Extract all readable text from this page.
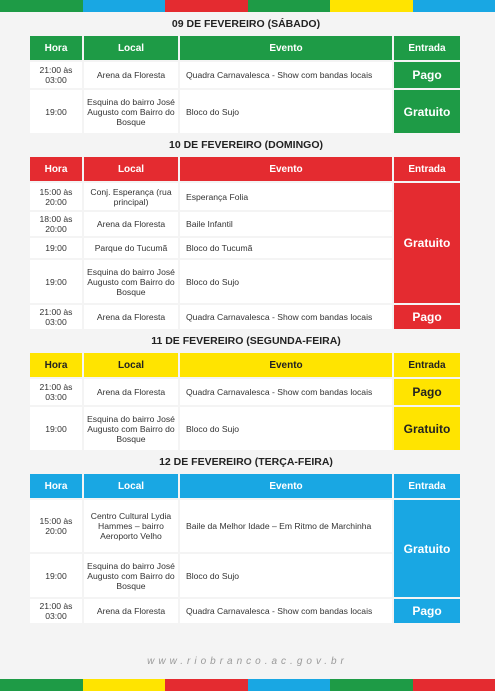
09 DE FEVEREIRO (SÁBADO)
Hora	Local	Evento	Entrada
21:00 às 03:00	Arena da Floresta	Quadra Carnavalesca - Show com bandas locais	Pago
19:00	Esquina do bairro José Augusto com Bairro do Bosque	Bloco do Sujo	Gratuito
10 DE FEVEREIRO (DOMINGO)
Hora	Local	Evento	Entrada
15:00 às 20:00	Conj. Esperança (rua principal)	Esperança Folia	Gratuito
18:00 às 20:00	Arena da Floresta	Baile Infantil	
19:00	Parque do Tucumã	Bloco do Tucumã	
19:00	Esquina do bairro José Augusto com Bairro do Bosque	Bloco do Sujo	
21:00 às 03:00	Arena da Floresta	Quadra Carnavalesca - Show com bandas locais	Pago
11 DE FEVEREIRO (SEGUNDA-FEIRA)
Hora	Local	Evento	Entrada
21:00 às 03:00	Arena da Floresta	Quadra Carnavalesca - Show com bandas locais	Pago
19:00	Esquina do bairro José Augusto com Bairro do Bosque	Bloco do Sujo	Gratuito
12 DE FEVEREIRO (TERÇA-FEIRA)
Hora	Local	Evento	Entrada
15:00 às 20:00	Centro Cultural Lydia Hammes – bairro Aeroporto Velho	Baile da Melhor Idade – Em Ritmo de Marchinha	Gratuito
19:00	Esquina do bairro José Augusto com Bairro do Bosque	Bloco do Sujo	
21:00 às 03:00	Arena da Floresta	Quadra Carnavalesca - Show com bandas locais	Pago
www.riobranco.ac.gov.br
